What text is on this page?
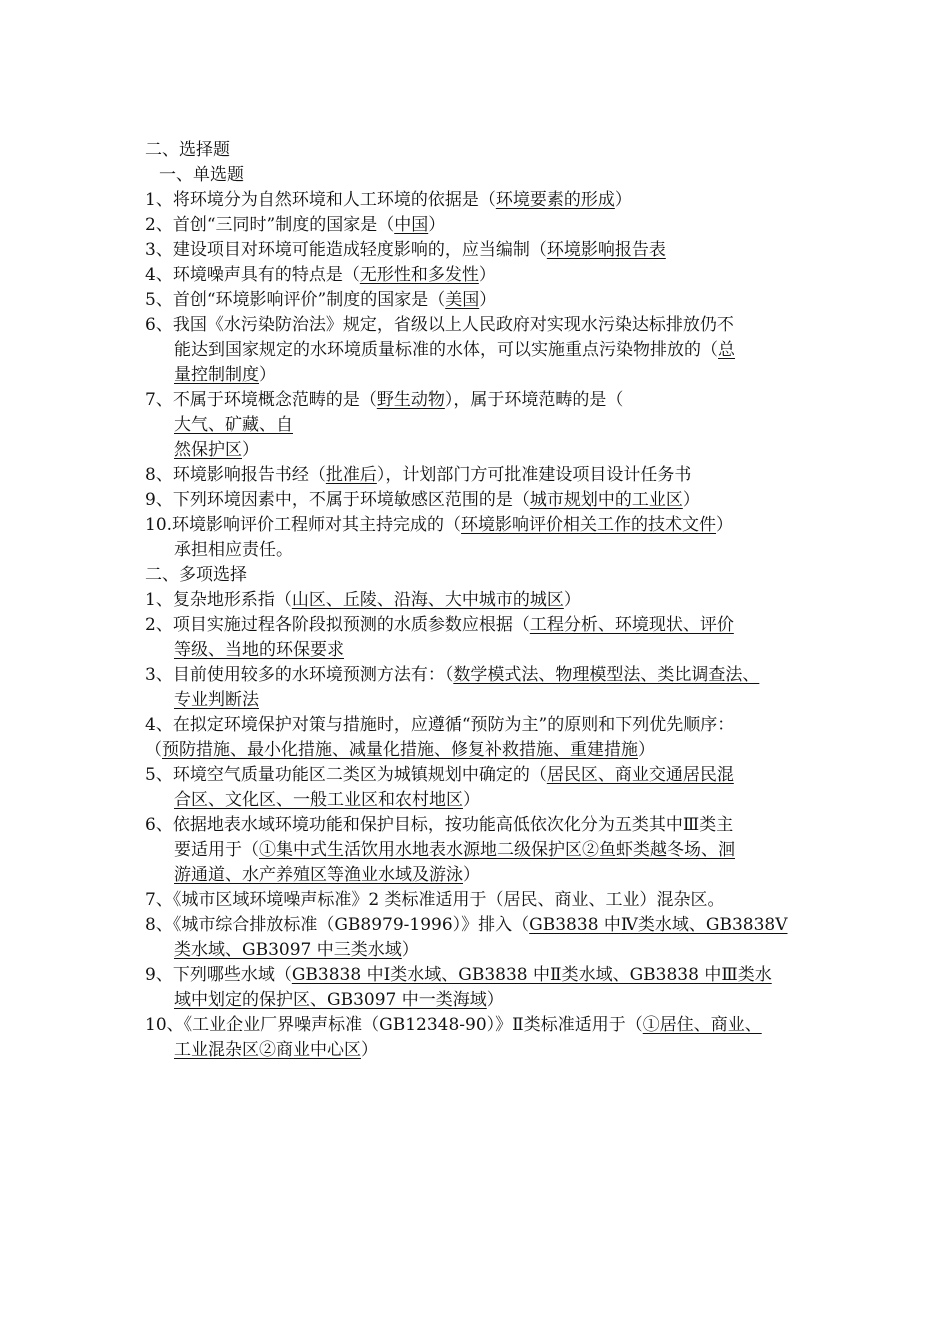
二、选择题
一、单选题
1、将环境分为自然环境和人工环境的依据是（环境要素的形成）
2、首创“三同时”制度的国家是（中国）
3、建设项目对环境可能造成轻度影响的，应当编制（环境影响报告表
4、环境噪声具有的特点是（无形性和多发性）
5、首创“环境影响评价”制度的国家是（美国）
6、我国《水污染防治法》规定，省级以上人民政府对实现水污染达标排放仍不
能达到国家规定的水环境质量标准的水体，可以实施重点污染物排放的（总
量控制制度）
7、不属于环境概念范畴的是（野生动物），属于环境范畴的是（
大气、矿藏、自
然保护区）
8、环境影响报告书经（批准后），计划部门方可批准建设项目设计任务书
9、下列环境因素中，不属于环境敏感区范围的是（城市规划中的工业区）
10.环境影响评价工程师对其主持完成的（环境影响评价相关工作的技术文件）
承担相应责任。
二、多项选择
1、复杂地形系指（山区、丘陵、沿海、大中城市的城区）
2、项目实施过程各阶段拟预测的水质参数应根据（工程分析、环境现状、评价
等级、当地的环保要求
3、目前使用较多的水环境预测方法有：（数学模式法、物理模型法、类比调查法、
专业判断法
4、在拟定环境保护对策与措施时，应遵循“预防为主”的原则和下列优先顺序：
（预防措施、最小化措施、减量化措施、修复补救措施、重建措施）
5、环境空气质量功能区二类区为城镇规划中确定的（居民区、商业交通居民混
合区、文化区、一般工业区和农村地区）
6、依据地表水域环境功能和保护目标，按功能高低依次化分为五类其中Ⅲ类主
要适用于（①集中式生活饮用水地表水源地二级保护区②鱼虾类越冬场、洄
游通道、水产养殖区等渔业水域及游泳）
7、《城市区域环境噪声标准》2 类标准适用于（居民、商业、工业）混杂区。
8、《城市综合排放标准（GB8979-1996）》排入（GB3838 中Ⅳ类水域、GB3838Ⅴ
类水域、GB3097 中三类水域）
9、下列哪些水域（GB3838 中Ⅰ类水域、GB3838 中Ⅱ类水域、GB3838 中Ⅲ类水
域中划定的保护区、GB3097 中一类海域）
10、《工业企业厂界噪声标准（GB12348-90）》Ⅱ类标准适用于（①居住、商业、
工业混杂区②商业中心区）
